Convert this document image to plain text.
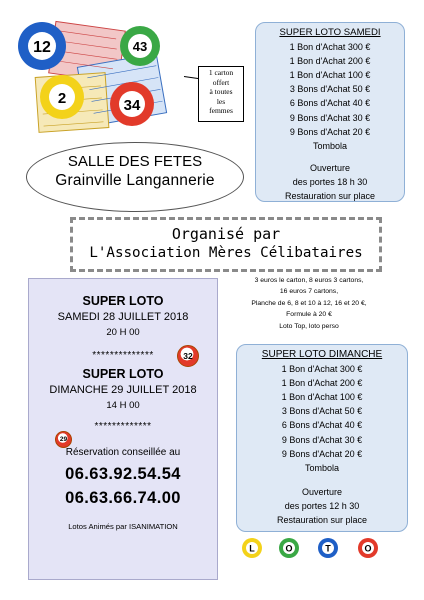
12	43
2	34
1 carton
offert
à toutes
les
femmes
SALLE DES FETES
Grainville Langannerie
SUPER LOTO SAMEDI
1 Bon d'Achat 300 €
1 Bon d'Achat 200 €
1 Bon d'Achat 100 €
3 Bons d'Achat 50 €
6 Bons d'Achat 40 €
9 Bons d'Achat 30 €
9 Bons d'Achat 20 €
Tombola
Ouverture
des portes 18 h 30
Restauration sur place
Organisé par
L'Association Mères Célibataires
SUPER LOTO
SAMEDI 28 JUILLET 2018
20 H 00
**************
SUPER LOTO
DIMANCHE 29 JUILLET 2018
14 H 00
*************
Réservation conseillée au
06.63.92.54.54
06.63.66.74.00
Lotos Animés par ISANIMATION
32
29
3 euros le carton, 8 euros 3 cartons,
16 euros 7 cartons,
Planche de 6, 8 et 10 à 12, 16 et 20 €,
Formule à 20 €
Loto Top, loto perso
SUPER LOTO DIMANCHE
1 Bon d'Achat 300 €
1 Bon d'Achat 200 €
1 Bon d'Achat 100 €
3 Bons d'Achat 50 €
6 Bons d'Achat 40 €
9 Bons d'Achat 30 €
9 Bons d'Achat 20 €
Tombola
Ouverture
des portes 12 h 30
Restauration sur place
L	O	T	O
